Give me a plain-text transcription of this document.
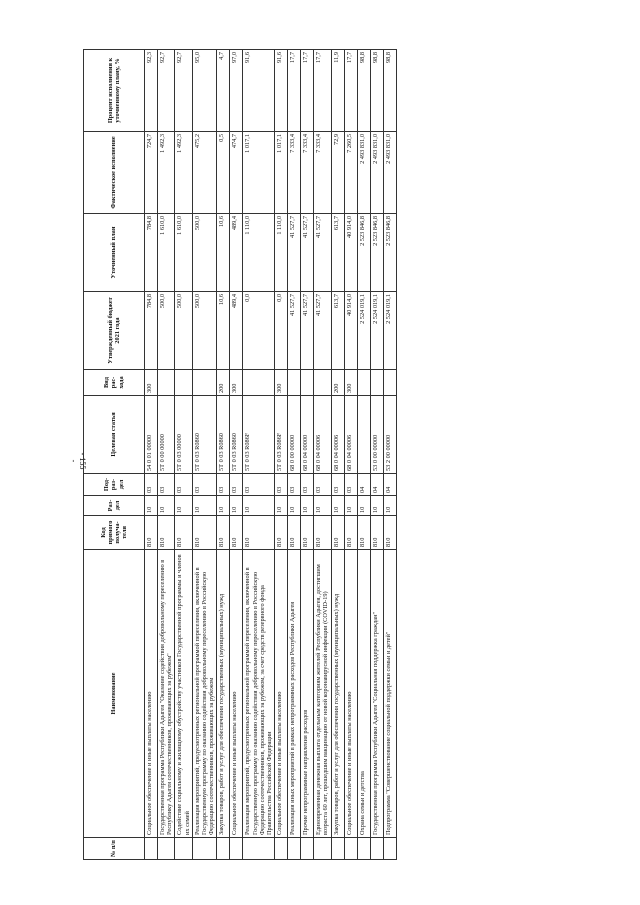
- 155 -
№ п/п	Наименование	Код прямого получа-теля	Раз-дел	Под-раз-дел	Целевая статья	Вид рас-хода	Утвержденный бюджет 2021 года	Уточненный план	Фактическое исполнение	Процент исполнения к уточненному плану, %
	Социальное обеспечение и иные выплаты населению	810	10	03	54 0 01 00000	300	784,8	784,8	724,7	92,3
	Государственная программа Республики Адыгея "Оказание содействия добровольному переселению в Республику Адыгея соотечественников, проживающих за рубежом"	810	10	03	5Т 0 00 00000		500,0	1 610,0	1 492,3	92,7
	Содействие социальному и жилищному обустройству участников Государственной программы и членов их семей	810	10	03	5Т 0 03 00000		500,0	1 610,0	1 492,3	92,7
	Реализация мероприятий, предусмотренных региональной программой переселения, включенной в Государственную программу по оказанию содействия добровольному переселению в Российскую Федерацию соотечественников, проживающих за рубежом	810	10	03	5Т 0 03 R0860		500,0	500,0	475,2	95,0
	Закупка товаров, работ и услуг для обеспечения государственных (муниципальных) нужд	810	10	03	5Т 0 03 R0860	200	10,6	10,6	0,5	4,7
	Социальное обеспечение и иные выплаты населению	810	10	03	5Т 0 03 R0860	300	489,4	489,4	474,7	97,0
	Реализация мероприятий, предусмотренных региональной программой переселения, включенной в Государственную программу по оказанию содействия добровольному переселению в Российскую Федерацию соотечественников, проживающих за рубежом, за счет средств резервного фонда Правительства Российской Федерации	810	10	03	5Т 0 03 R086F		0,0	1 110,0	1 017,1	91,6
	Социальное обеспечение и иные выплаты населению	810	10	03	5Т 0 03 R086F	300	0,0	1 110,0	1 017,1	91,6
	Реализация иных мероприятий в рамках непрограммных расходов Республики Адыгея	810	10	03	68 0 00 00000		41 527,7	41 527,7	7 333,4	17,7
	Прочие непрограммные направления расходов	810	10	03	68 0 04 00000		41 527,7	41 527,7	7 333,4	17,7
	Единовременная денежная выплата отдельным категориям жителей Республики Адыгея, достигшим возраста 60 лет, прошедшим вакцинацию от новой коронавирусной инфекции (COVID-19)	810	10	03	68 0 04 00006		41 527,7	41 527,7	7 333,4	17,7
	Закупка товаров, работ и услуг для обеспечения государственных (муниципальных) нужд	810	10	03	68 0 04 00006	200	613,7	613,7	72,9	11,9
	Социальное обеспечение и иные выплаты населению	810	10	03	68 0 04 00006	300	40 914,0	40 914,0	7 260,5	17,7
	Охрана семьи и детства	810	10	04			2 524 019,1	2 523 846,8	2 493 831,0	98,8
	Государственная программа Республики Адыгея "Социальная поддержка граждан"	810	10	04	53 0 00 00000		2 524 019,1	2 523 846,8	2 493 831,0	98,8
	Подпрограмма "Совершенствование социальной поддержки семьи и детей"	810	10	04	53 2 00 00000		2 524 019,1	2 523 846,8	2 493 831,0	98,8
